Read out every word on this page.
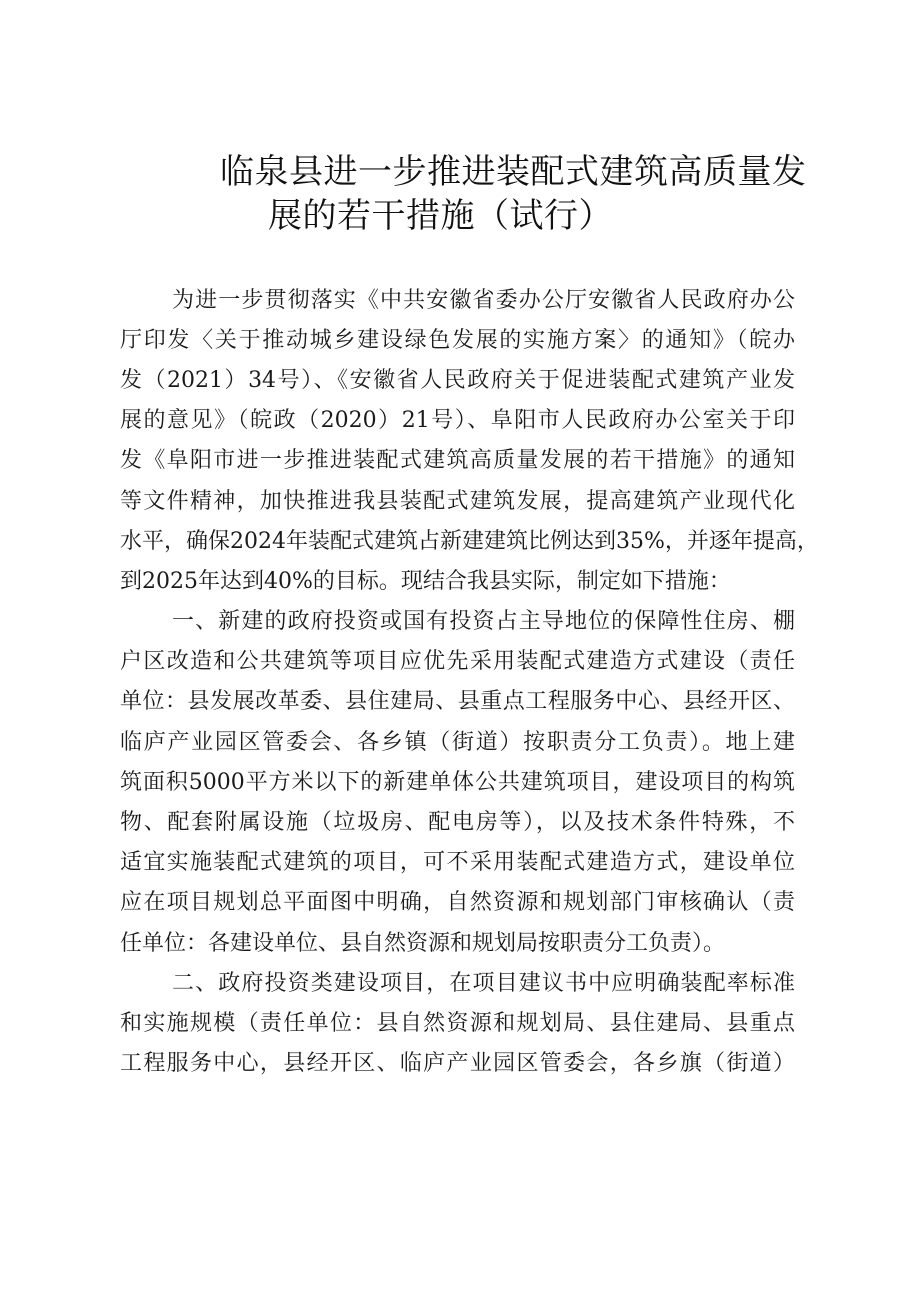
临泉县进一步推进装配式建筑高质量发
展的若干措施（试行）
为进一步贯彻落实《中共安徽省委办公厅安徽省人民政府办公
厅印发〈关于推动城乡建设绿色发展的实施方案〉的通知》（皖办
发（2021）34号）、《安徽省人民政府关于促进装配式建筑产业发
展的意见》（皖政（2020）21号）、阜阳市人民政府办公室关于印
发《阜阳市进一步推进装配式建筑高质量发展的若干措施》的通知
等文件精神，加快推进我县装配式建筑发展，提高建筑产业现代化
水平，确保2024年装配式建筑占新建建筑比例达到35%，并逐年提高，
到2025年达到40%的目标。现结合我县实际，制定如下措施：
一、新建的政府投资或国有投资占主导地位的保障性住房、棚
户区改造和公共建筑等项目应优先采用装配式建造方式建设（责任
单位：县发展改革委、县住建局、县重点工程服务中心、县经开区、
临庐产业园区管委会、各乡镇（街道）按职责分工负责）。地上建
筑面积5000平方米以下的新建单体公共建筑项目，建设项目的构筑
物、配套附属设施（垃圾房、配电房等），以及技术条件特殊，不
适宜实施装配式建筑的项目，可不采用装配式建造方式，建设单位
应在项目规划总平面图中明确，自然资源和规划部门审核确认（责
任单位：各建设单位、县自然资源和规划局按职责分工负责）。
二、政府投资类建设项目，在项目建议书中应明确装配率标准
和实施规模（责任单位：县自然资源和规划局、县住建局、县重点
工程服务中心，县经开区、临庐产业园区管委会，各乡旗（街道）
